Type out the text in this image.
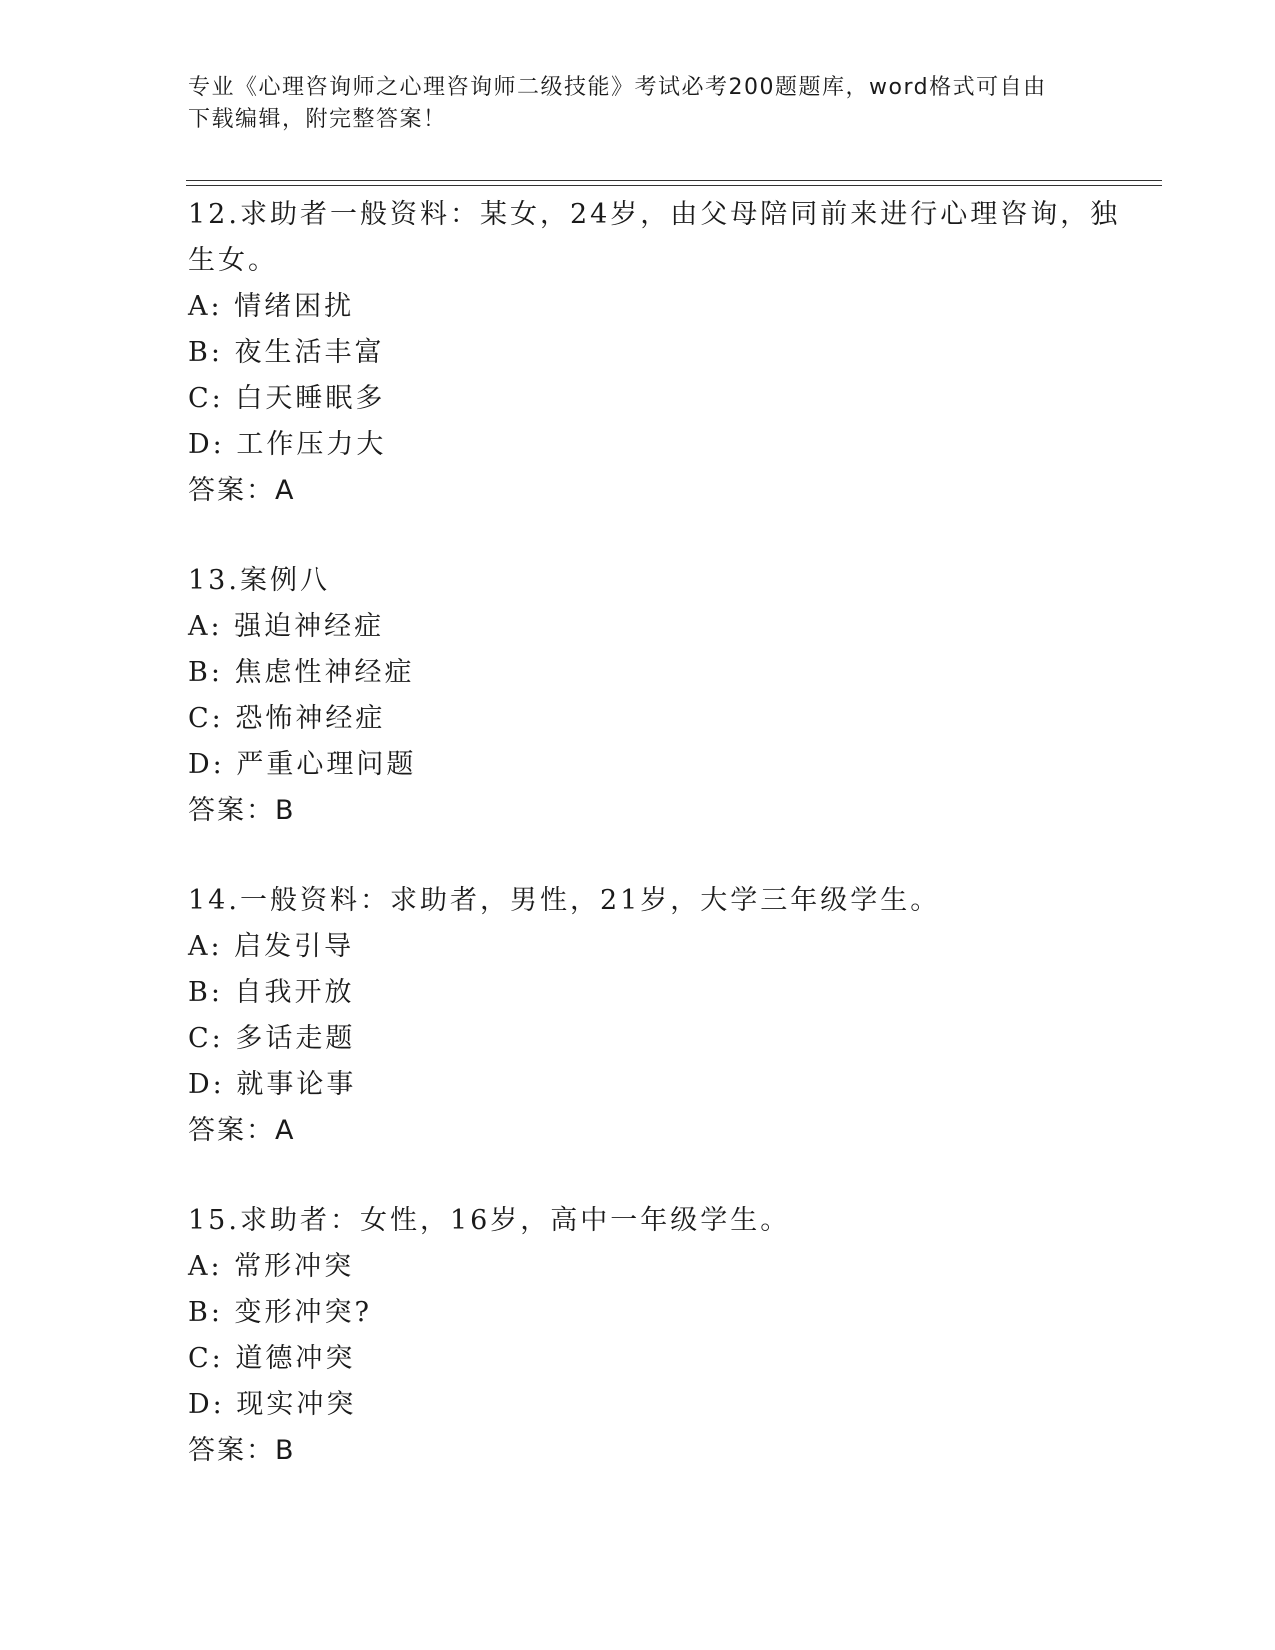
专业《心理咨询师之心理咨询师二级技能》考试必考200题题库，word格式可自由下载编辑，附完整答案！
12.求助者一般资料：某女，24岁，由父母陪同前来进行心理咨询，独
生女。
A: 情绪困扰
B: 夜生活丰富
C: 白天睡眠多
D: 工作压力大
答案：A
13.案例八
A: 强迫神经症
B: 焦虑性神经症
C: 恐怖神经症
D: 严重心理问题
答案：B
14.一般资料：求助者，男性，21岁，大学三年级学生。
A: 启发引导
B: 自我开放
C: 多话走题
D: 就事论事
答案：A
15.求助者：女性，16岁，高中一年级学生。
A: 常形冲突
B: 变形冲突?
C: 道德冲突
D: 现实冲突
答案：B
